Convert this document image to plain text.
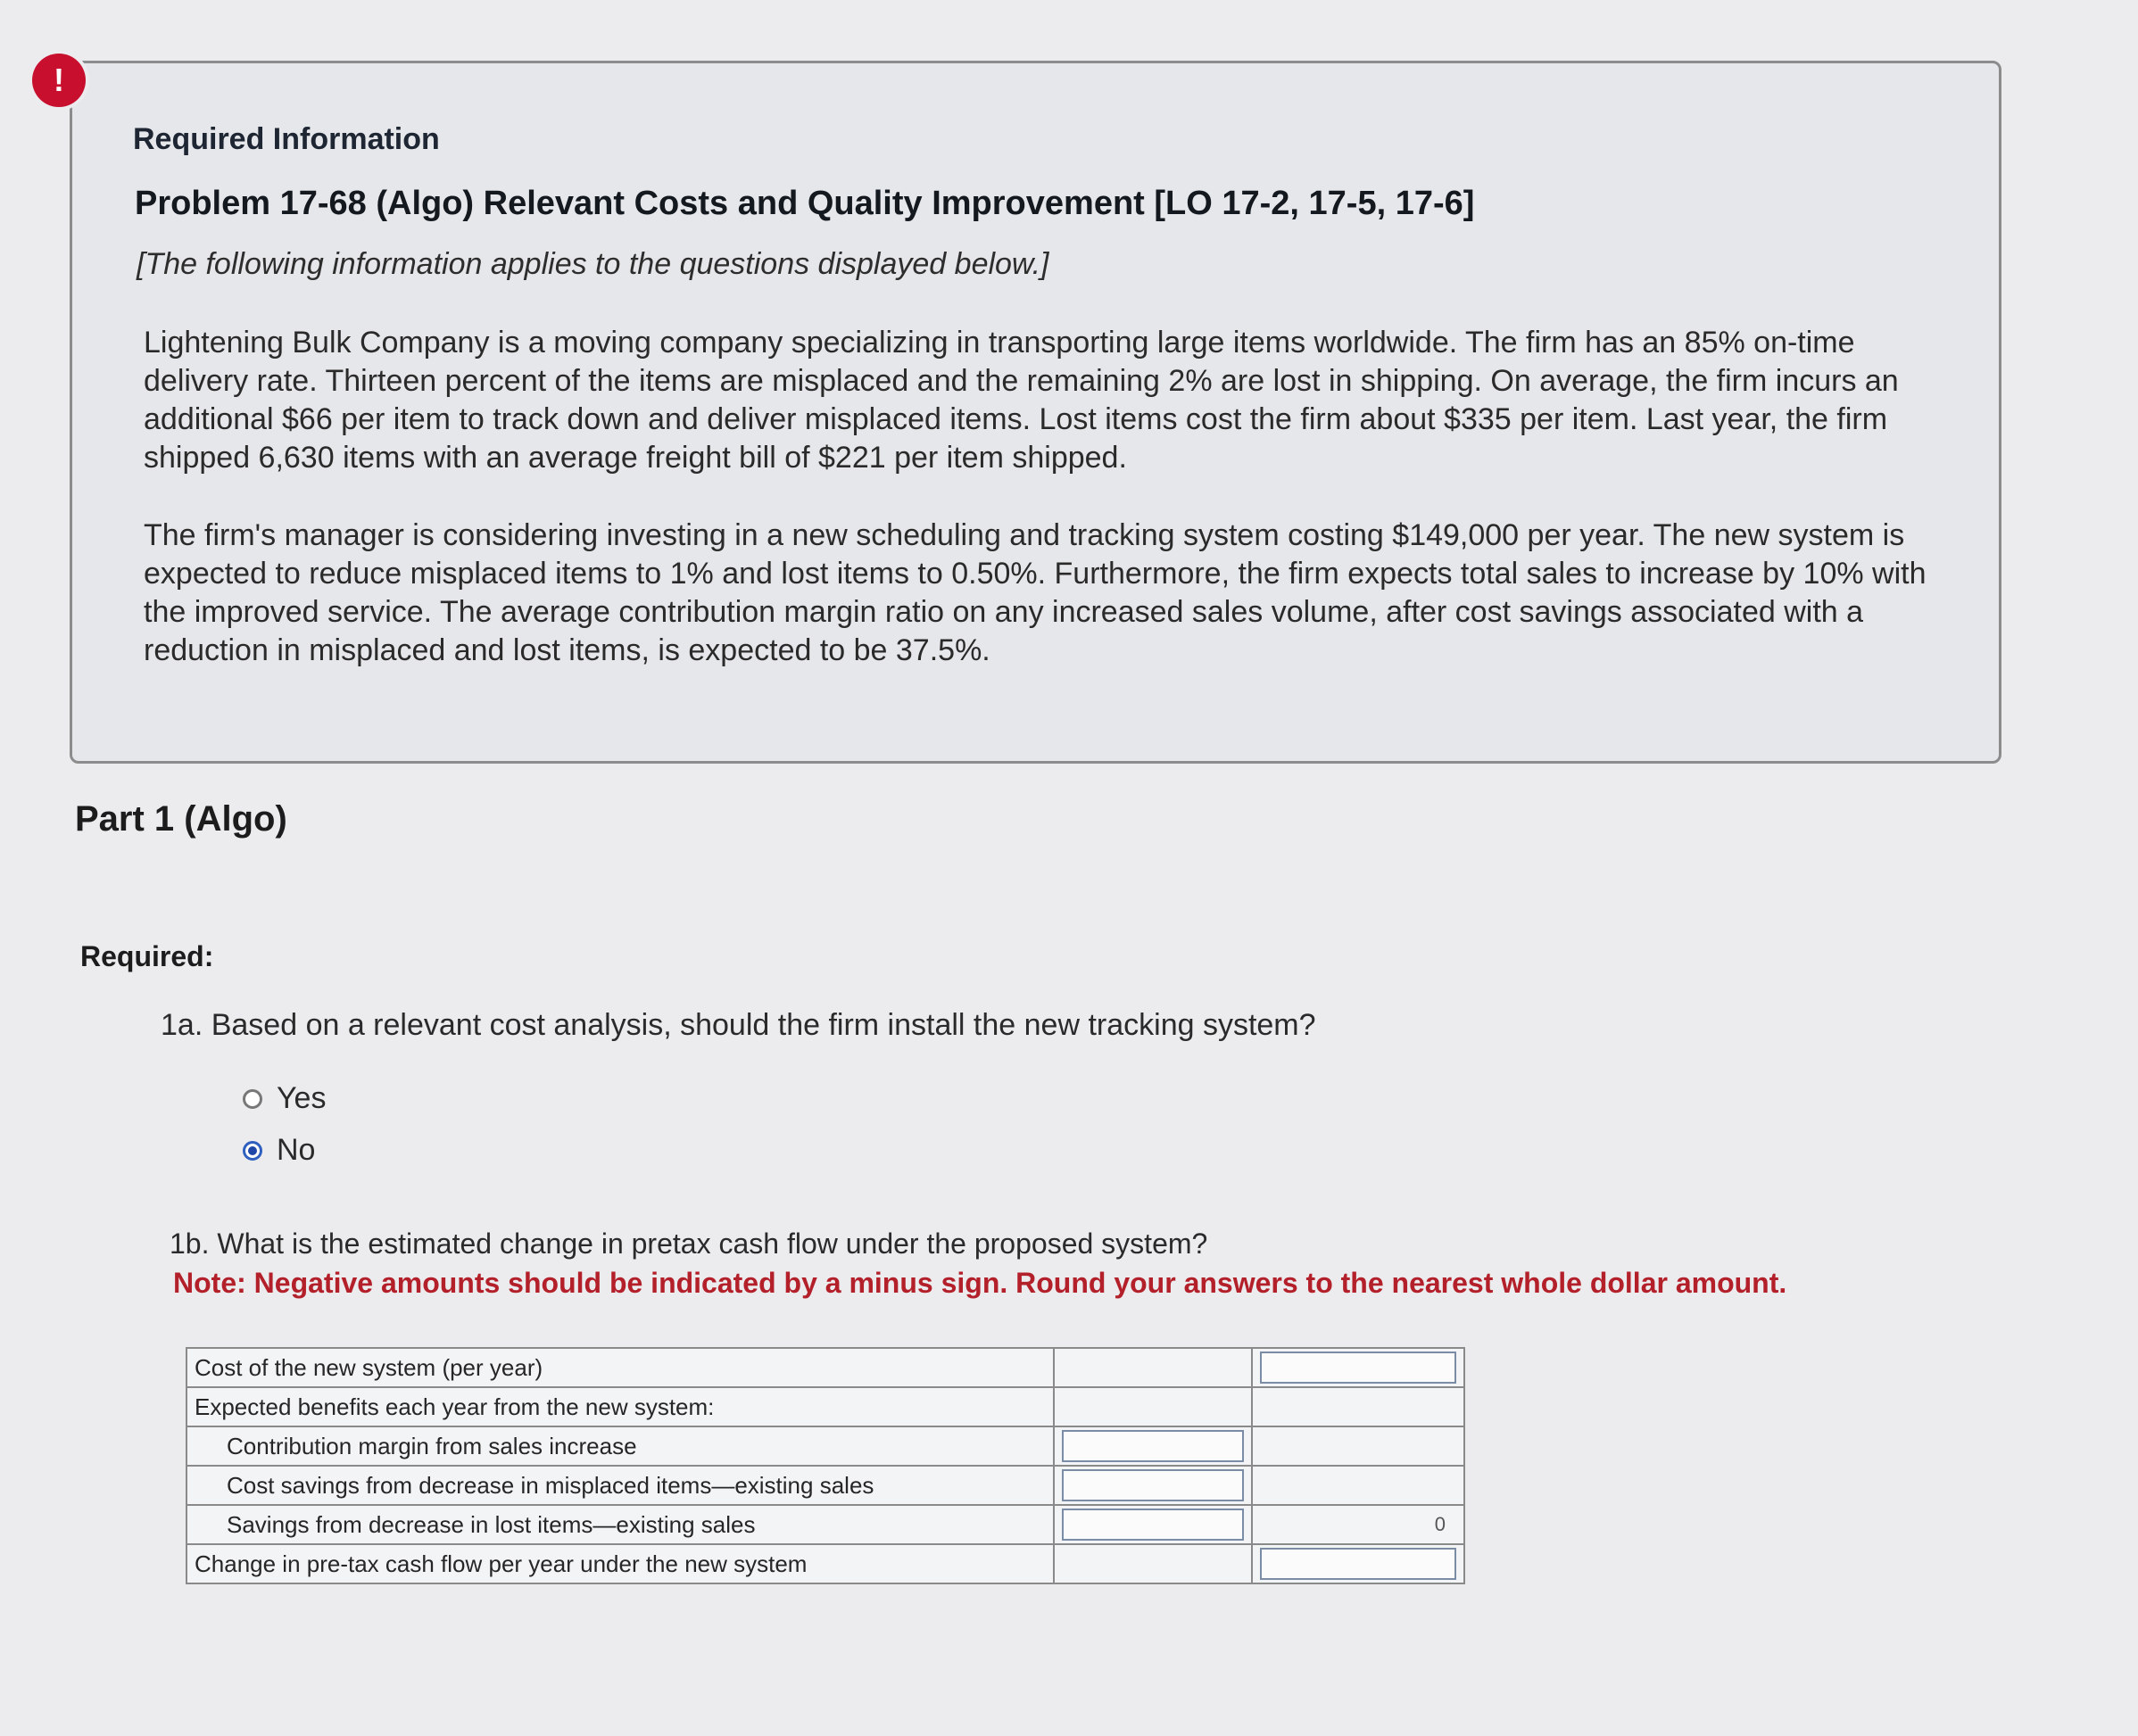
!
Required Information
Problem 17-68 (Algo) Relevant Costs and Quality Improvement [LO 17-2, 17-5, 17-6]
[The following information applies to the questions displayed below.]

Lightening Bulk Company is a moving company specializing in transporting large items worldwide. The firm has an 85% on-time delivery rate. Thirteen percent of the items are misplaced and the remaining 2% are lost in shipping. On average, the firm incurs an additional $66 per item to track down and deliver misplaced items. Lost items cost the firm about $335 per item. Last year, the firm shipped 6,630 items with an average freight bill of $221 per item shipped.

The firm's manager is considering investing in a new scheduling and tracking system costing $149,000 per year. The new system is expected to reduce misplaced items to 1% and lost items to 0.50%. Furthermore, the firm expects total sales to increase by 10% with the improved service. The average contribution margin ratio on any increased sales volume, after cost savings associated with a reduction in misplaced and lost items, is expected to be 37.5%.

Part 1 (Algo)
Required:
1a. Based on a relevant cost analysis, should the firm install the new tracking system?
Yes
No
1b. What is the estimated change in pretax cash flow under the proposed system?
Note: Negative amounts should be indicated by a minus sign. Round your answers to the nearest whole dollar amount.
Cost of the new system (per year)		

Expected benefits each year from the new system:		
Contribution margin from sales increase	

Cost savings from decrease in misplaced items—existing sales	

Savings from decrease in lost items—existing sales		0

Change in pre-tax cash flow per year under the new system		
